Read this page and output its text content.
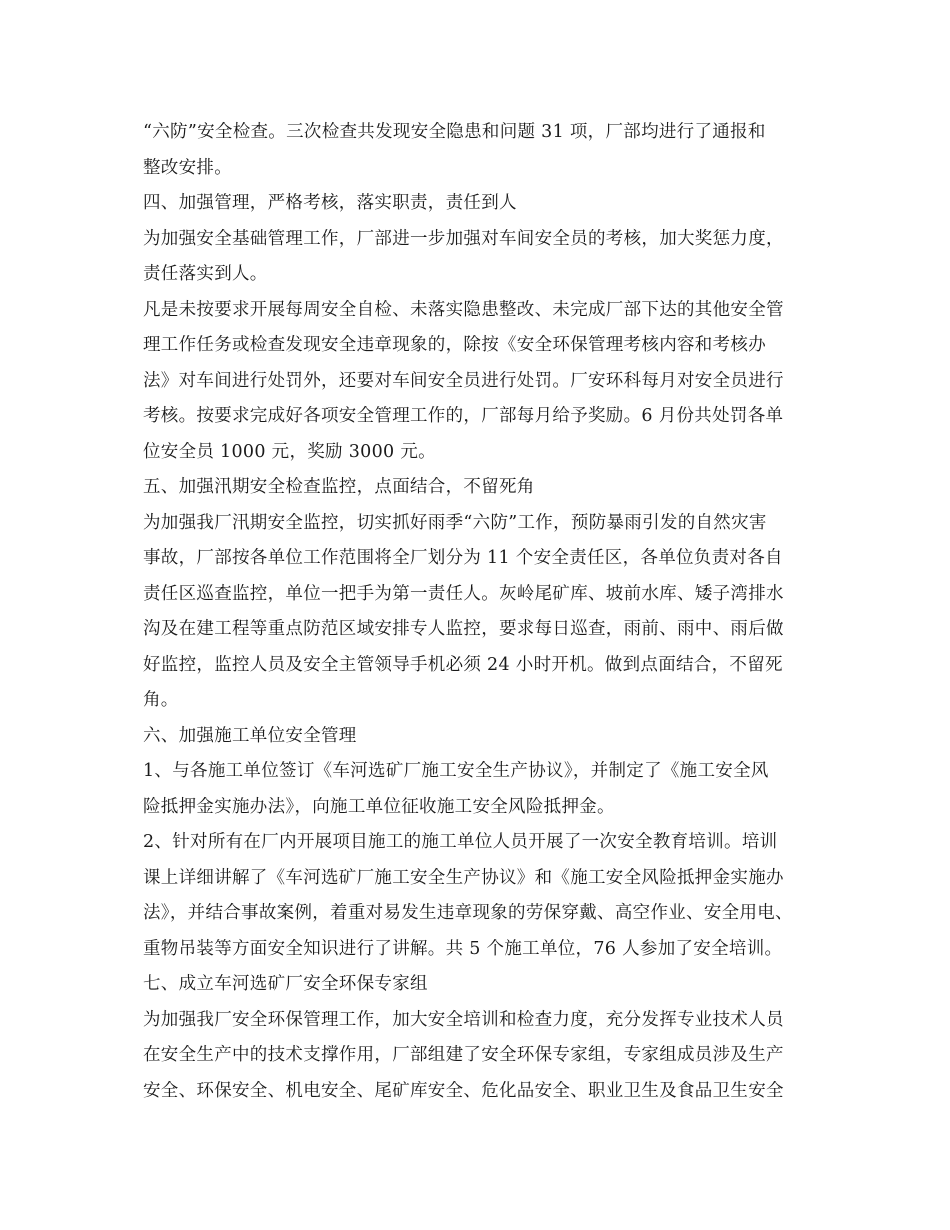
“六防”安全检查。三次检查共发现安全隐患和问题 31 项，厂部均进行了通报和
整改安排。
四、加强管理，严格考核，落实职责，责任到人
为加强安全基础管理工作，厂部进一步加强对车间安全员的考核，加大奖惩力度，
责任落实到人。
凡是未按要求开展每周安全自检、未落实隐患整改、未完成厂部下达的其他安全管
理工作任务或检查发现安全违章现象的，除按《安全环保管理考核内容和考核办
法》对车间进行处罚外，还要对车间安全员进行处罚。厂安环科每月对安全员进行
考核。按要求完成好各项安全管理工作的，厂部每月给予奖励。6 月份共处罚各单
位安全员 1000 元，奖励 3000 元。
五、加强汛期安全检查监控，点面结合，不留死角
为加强我厂汛期安全监控，切实抓好雨季“六防”工作，预防暴雨引发的自然灾害
事故，厂部按各单位工作范围将全厂划分为 11 个安全责任区，各单位负责对各自
责任区巡查监控，单位一把手为第一责任人。灰岭尾矿库、坡前水库、矮子湾排水
沟及在建工程等重点防范区域安排专人监控，要求每日巡查，雨前、雨中、雨后做
好监控，监控人员及安全主管领导手机必须 24 小时开机。做到点面结合，不留死
角。
六、加强施工单位安全管理
1、与各施工单位签订《车河选矿厂施工安全生产协议》，并制定了《施工安全风
险抵押金实施办法》，向施工单位征收施工安全风险抵押金。
2、针对所有在厂内开展项目施工的施工单位人员开展了一次安全教育培训。培训
课上详细讲解了《车河选矿厂施工安全生产协议》和《施工安全风险抵押金实施办
法》，并结合事故案例，着重对易发生违章现象的劳保穿戴、高空作业、安全用电、
重物吊装等方面安全知识进行了讲解。共 5 个施工单位，76 人参加了安全培训。
七、成立车河选矿厂安全环保专家组
为加强我厂安全环保管理工作，加大安全培训和检查力度，充分发挥专业技术人员
在安全生产中的技术支撑作用，厂部组建了安全环保专家组，专家组成员涉及生产
安全、环保安全、机电安全、尾矿库安全、危化品安全、职业卫生及食品卫生安全
